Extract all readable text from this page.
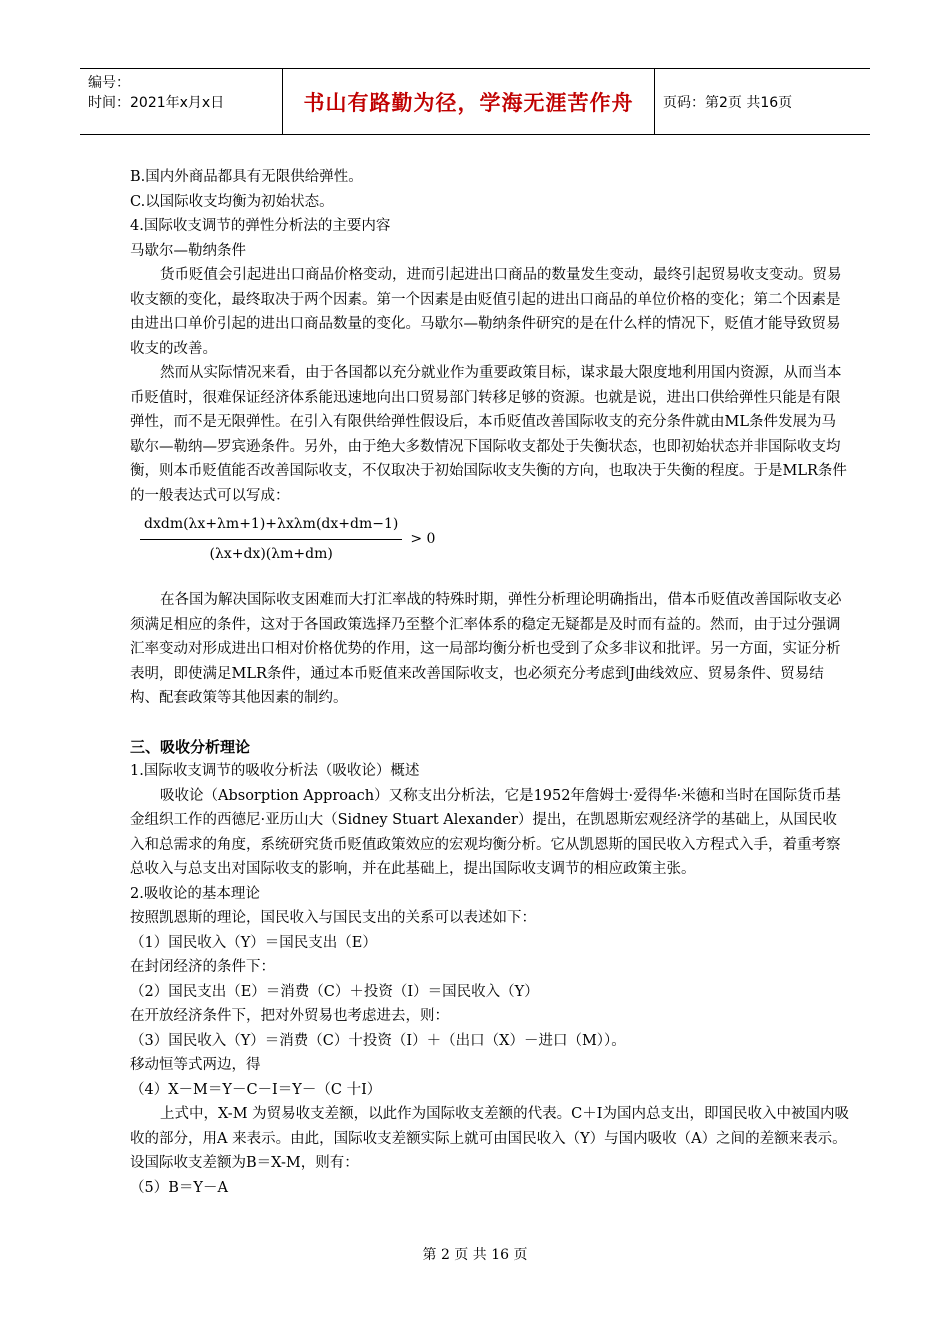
编号：
时间：2021年x月x日	书山有路勤为径，学海无涯苦作舟	页码：第2页 共16页

B.国内外商品都具有无限供给弹性。

C.以国际收支均衡为初始状态。

4.国际收支调节的弹性分析法的主要内容

马歇尔—勒纳条件

货币贬值会引起进出口商品价格变动，进而引起进出口商品的数量发生变动，最终引起贸易收支变动。贸易收支额的变化，最终取决于两个因素。第一个因素是由贬值引起的进出口商品的单位价格的变化；第二个因素是由进出口单价引起的进出口商品数量的变化。马歇尔—勒纳条件研究的是在什么样的情况下，贬值才能导致贸易收支的改善。

然而从实际情况来看，由于各国都以充分就业作为重要政策目标，谋求最大限度地利用国内资源，从而当本币贬值时，很难保证经济体系能迅速地向出口贸易部门转移足够的资源。也就是说，进出口供给弹性只能是有限弹性，而不是无限弹性。在引入有限供给弹性假设后，本币贬值改善国际收支的充分条件就由ML条件发展为马歇尔—勒纳—罗宾逊条件。另外，由于绝大多数情况下国际收支都处于失衡状态，也即初始状态并非国际收支均衡，则本币贬值能否改善国际收支，不仅取决于初始国际收支失衡的方向，也取决于失衡的程度。于是MLR条件的一般表达式可以写成：

$\frac{\text{dxdm(λx+λm+1)+λxλm(dx+dm−1)}}{(\lambda x+dx)(\lambda m+dm)} > 0$

在各国为解决国际收支困难而大打汇率战的特殊时期，弹性分析理论明确指出，借本币贬值改善国际收支必须满足相应的条件，这对于各国政策选择乃至整个汇率体系的稳定无疑都是及时而有益的。然而，由于过分强调汇率变动对形成进出口相对价格优势的作用，这一局部均衡分析也受到了众多非议和批评。另一方面，实证分析表明，即使满足MLR条件，通过本币贬值来改善国际收支，也必须充分考虑到J曲线效应、贸易条件、贸易结构、配套政策等其他因素的制约。

三、吸收分析理论

1.国际收支调节的吸收分析法（吸收论）概述

吸收论（Absorption Approach）又称支出分析法，它是1952年詹姆士·爱得华·米德和当时在国际货币基金组织工作的西德尼·亚历山大（Sidney Stuart Alexander）提出，在凯恩斯宏观经济学的基础上，从国民收入和总需求的角度，系统研究货币贬值政策效应的宏观均衡分析。它从凯恩斯的国民收入方程式入手，着重考察总收入与总支出对国际收支的影响，并在此基础上，提出国际收支调节的相应政策主张。

2.吸收论的基本理论

按照凯恩斯的理论，国民收入与国民支出的关系可以表述如下：

（1）国民收入（Y）＝国民支出（E）

在封闭经济的条件下：

（2）国民支出（E）＝消费（C）＋投资（I）＝国民收入（Y）

在开放经济条件下，把对外贸易也考虑进去，则：

（3）国民收入（Y）＝消费（C）十投资（I）＋（出口（X）－进口（M））。

移动恒等式两边，得

（4）X－M＝Y－C－I＝Y－（C 十I）

上式中，X-M 为贸易收支差额，以此作为国际收支差额的代表。C＋I为国内总支出，即国民收入中被国内吸收的部分，用A 来表示。由此，国际收支差额实际上就可由国民收入（Y）与国内吸收（A）之间的差额来表示。设国际收支差额为B＝X-M，则有：

（5）B＝Y－A

第 2 页 共 16 页
